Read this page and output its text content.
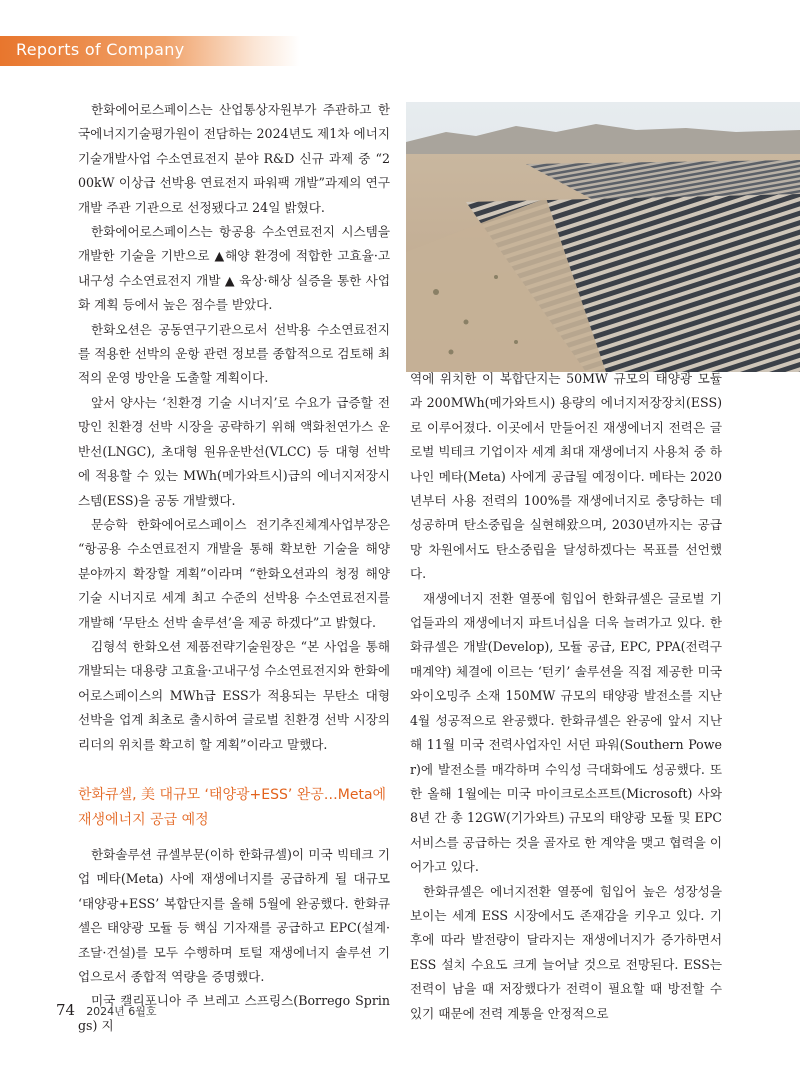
Reports of Company

한화에어로스페이스는 산업통상자원부가 주관하고 한국에너지기술평가원이 전담하는 2024년도 제1차 에너지기술개발사업 수소연료전지 분야 R&D 신규 과제 중 “200kW 이상급 선박용 연료전지 파워팩 개발”과제의 연구개발 주관 기관으로 선정됐다고 24일 밝혔다.

한화에어로스페이스는 항공용 수소연료전지 시스템을 개발한 기술을 기반으로 ▲해양 환경에 적합한 고효율·고내구성 수소연료전지 개발 ▲ 육상·해상 실증을 통한 사업화 계획 등에서 높은 점수를 받았다.

한화오션은 공동연구기관으로서 선박용 수소연료전지를 적용한 선박의 운항 관련 정보를 종합적으로 검토해 최적의 운영 방안을 도출할 계획이다.

앞서 양사는 ‘친환경 기술 시너지’로 수요가 급증할 전망인 친환경 선박 시장을 공략하기 위해 액화천연가스 운반선(LNGC), 초대형 원유운반선(VLCC) 등 대형 선박에 적용할 수 있는 MWh(메가와트시)급의 에너지저장시스템(ESS)을 공동 개발했다.

문승학 한화에어로스페이스 전기추진체계사업부장은 “항공용 수소연료전지 개발을 통해 확보한 기술을 해양 분야까지 확장할 계획”이라며 “한화오션과의 청정 해양 기술 시너지로 세계 최고 수준의 선박용 수소연료전지를 개발해 ‘무탄소 선박 솔루션’을 제공 하겠다”고 밝혔다.

김형석 한화오션 제품전략기술원장은 “본 사업을 통해 개발되는 대용량 고효율·고내구성 수소연료전지와 한화에어로스페이스의 MWh급 ESS가 적용되는 무탄소 대형 선박을 업계 최초로 출시하여 글로벌 친환경 선박 시장의 리더의 위치를 확고히 할 계획”이라고 말했다.

한화큐셀, 美 대규모 ‘태양광+ESS’ 완공…Meta에 재생에너지 공급 예정

한화솔루션 큐셀부문(이하 한화큐셀)이 미국 빅테크 기업 메타(Meta) 사에 재생에너지를 공급하게 될 대규모 ‘태양광+ESS’ 복합단지를 올해 5월에 완공했다. 한화큐셀은 태양광 모듈 등 핵심 기자재를 공급하고 EPC(설계·조달·건설)를 모두 수행하며 토털 재생에너지 솔루션 기업으로서 종합적 역량을 증명했다.

미국 캘리포니아 주 브레고 스프링스(Borrego Springs) 지

역에 위치한 이 복합단지는 50MW 규모의 태양광 모듈과 200MWh(메가와트시) 용량의 에너지저장장치(ESS)로 이루어졌다. 이곳에서 만들어진 재생에너지 전력은 글로벌 빅테크 기업이자 세계 최대 재생에너지 사용처 중 하나인 메타(Meta) 사에게 공급될 예정이다. 메타는 2020년부터 사용 전력의 100%를 재생에너지로 충당하는 데 성공하며 탄소중립을 실현해왔으며, 2030년까지는 공급망 차원에서도 탄소중립을 달성하겠다는 목표를 선언했다.

재생에너지 전환 열풍에 힘입어 한화큐셀은 글로벌 기업들과의 재생에너지 파트너십을 더욱 늘려가고 있다. 한화큐셀은 개발(Develop), 모듈 공급, EPC, PPA(전력구매계약) 체결에 이르는 ‘턴키’ 솔루션을 직접 제공한 미국 와이오밍주 소재 150MW 규모의 태양광 발전소를 지난 4월 성공적으로 완공했다. 한화큐셀은 완공에 앞서 지난해 11월 미국 전력사업자인 서던 파워(Southern Power)에 발전소를 매각하며 수익성 극대화에도 성공했다. 또한 올해 1월에는 미국 마이크로소프트(Microsoft) 사와 8년 간 총 12GW(기가와트) 규모의 태양광 모듈 및 EPC 서비스를 공급하는 것을 골자로 한 계약을 맺고 협력을 이어가고 있다.

한화큐셀은 에너지전환 열풍에 힘입어 높은 성장성을 보이는 세계 ESS 시장에서도 존재감을 키우고 있다. 기후에 따라 발전량이 달라지는 재생에너지가 증가하면서 ESS 설치 수요도 크게 늘어날 것으로 전망된다. ESS는 전력이 남을 때 저장했다가 전력이 필요할 때 방전할 수 있기 때문에 전력 계통을 안정적으로

74 2024년 6월호
